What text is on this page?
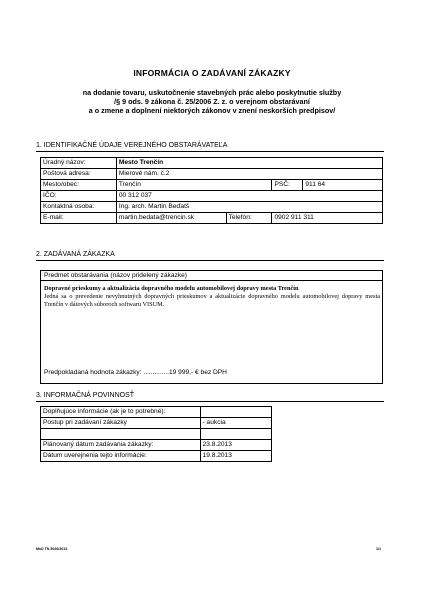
INFORMÁCIA O ZADÁVANÍ ZÁKAZKY
na dodanie tovaru, uskutočnenie stavebných prác alebo poskytnutie služby
/§ 9 ods. 9 zákona č. 25/2006 Z. z. o verejnom obstarávaní
a o zmene a doplnení niektorých zákonov v znení neskorších predpisov/
1. IDENTIFIKAČNÉ ÚDAJE VEREJNÉHO OBSTARÁVATEĽA
Úradný názov:	Mesto Trenčín			
Poštová adresa:	Mierové nám. č.2			
Mesto/obec:	Trenčín		PSČ:	911 64
IČO:	00 312 037			
Kontaktná osoba:	Ing. arch. Martin Beďatš			
E-mail:	martin.bedata@trencin.sk	Telefón:	0902 911 311	
2. ZADÁVANÁ ZÁKAZKA
Predmet obstarávania (názov pridelený zákazke)
Dopravné prieskumy a aktualizácia dopravného modelu automobilovej dopravy mesta Trenčín
Jedná sa o prevedenie nevyhnutných dopravných prieskumov a aktualizácie dopravného modelu automobilovej dopravy mesta Trenčín v dátových súboroch softwaru VISUM.
Predpokladaná hodnota zákazky: ..............19 999,- € bez DPH
3. INFORMAČNÁ POVINNOSŤ
Doplňujúce informácie (ak je to potrebné):	
Postup pri zadávaní zákazky	- aukcia

Plánovaný dátum zadávania zákazky:	23.8.2013
Dátum uverejnenia tejto informácie:	19.8.2013
MsÚ TN 5026/2013	1/1
